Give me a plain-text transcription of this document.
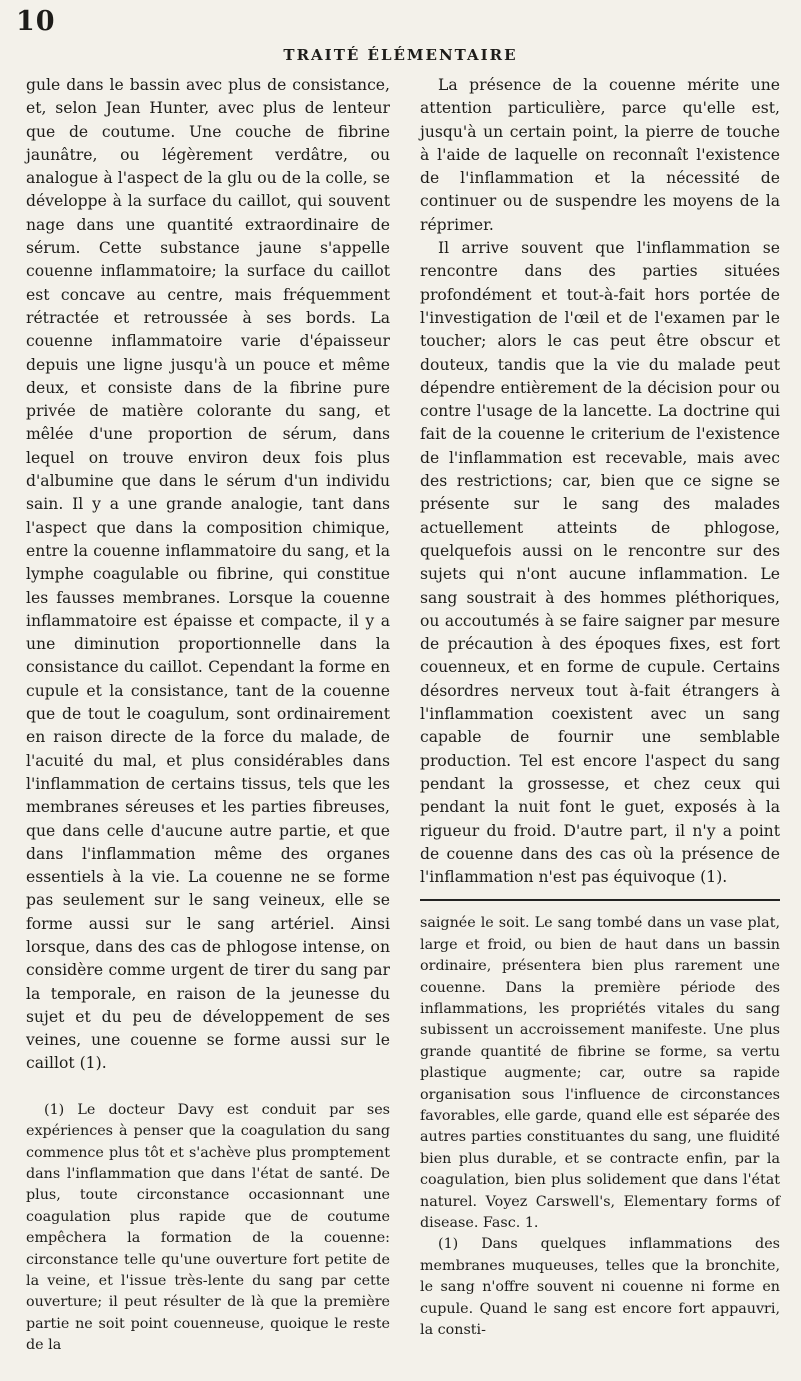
10
TRAITÉ ÉLÉMENTAIRE

gule dans le bassin avec plus de consistance, et, selon Jean Hunter, avec plus de lenteur que de coutume. Une couche de fibrine jaunâtre, ou légèrement verdâtre, ou analogue à l'aspect de la glu ou de la colle, se développe à la surface du caillot, qui souvent nage dans une quantité extraordinaire de sérum. Cette substance jaune s'appelle couenne inflammatoire; la surface du caillot est concave au centre, mais fréquemment rétractée et retroussée à ses bords. La couenne inflammatoire varie d'épaisseur depuis une ligne jusqu'à un pouce et même deux, et consiste dans de la fibrine pure privée de matière colorante du sang, et mêlée d'une proportion de sérum, dans lequel on trouve environ deux fois plus d'albumine que dans le sérum d'un individu sain. Il y a une grande analogie, tant dans l'aspect que dans la composition chimique, entre la couenne inflammatoire du sang, et la lymphe coagulable ou fibrine, qui constitue les fausses membranes. Lorsque la couenne inflammatoire est épaisse et compacte, il y a une diminution proportionnelle dans la consistance du caillot. Cependant la forme en cupule et la consistance, tant de la couenne que de tout le coagulum, sont ordinairement en raison directe de la force du malade, de l'acuité du mal, et plus considérables dans l'inflammation de certains tissus, tels que les membranes séreuses et les parties fibreuses, que dans celle d'aucune autre partie, et que dans l'inflammation même des organes essentiels à la vie. La couenne ne se forme pas seulement sur le sang veineux, elle se forme aussi sur le sang artériel. Ainsi lorsque, dans des cas de phlogose intense, on considère comme urgent de tirer du sang par la temporale, en raison de la jeunesse du sujet et du peu de développement de ses veines, une couenne se forme aussi sur le caillot (1).

(1) Le docteur Davy est conduit par ses expériences à penser que la coagulation du sang commence plus tôt et s'achève plus promptement dans l'inflammation que dans l'état de santé. De plus, toute circonstance occasionnant une coagulation plus rapide que de coutume empêchera la formation de la couenne: circonstance telle qu'une ouverture fort petite de la veine, et l'issue très-lente du sang par cette ouverture; il peut résulter de là que la première partie ne soit point couenneuse, quoique le reste de la

La présence de la couenne mérite une attention particulière, parce qu'elle est, jusqu'à un certain point, la pierre de touche à l'aide de laquelle on reconnaît l'existence de l'inflammation et la nécessité de continuer ou de suspendre les moyens de la réprimer.

Il arrive souvent que l'inflammation se rencontre dans des parties situées profondément et tout-à-fait hors portée de l'investigation de l'œil et de l'examen par le toucher; alors le cas peut être obscur et douteux, tandis que la vie du malade peut dépendre entièrement de la décision pour ou contre l'usage de la lancette. La doctrine qui fait de la couenne le criterium de l'existence de l'inflammation est recevable, mais avec des restrictions; car, bien que ce signe se présente sur le sang des malades actuellement atteints de phlogose, quelquefois aussi on le rencontre sur des sujets qui n'ont aucune inflammation. Le sang soustrait à des hommes pléthoriques, ou accoutumés à se faire saigner par mesure de précaution à des époques fixes, est fort couenneux, et en forme de cupule. Certains désordres nerveux tout à-fait étrangers à l'inflammation coexistent avec un sang capable de fournir une semblable production. Tel est encore l'aspect du sang pendant la grossesse, et chez ceux qui pendant la nuit font le guet, exposés à la rigueur du froid. D'autre part, il n'y a point de couenne dans des cas où la présence de l'inflammation n'est pas équivoque (1).

saignée le soit. Le sang tombé dans un vase plat, large et froid, ou bien de haut dans un bassin ordinaire, présentera bien plus rarement une couenne. Dans la première période des inflammations, les propriétés vitales du sang subissent un accroissement manifeste. Une plus grande quantité de fibrine se forme, sa vertu plastique augmente; car, outre sa rapide organisation sous l'influence de circonstances favorables, elle garde, quand elle est séparée des autres parties constituantes du sang, une fluidité bien plus durable, et se contracte enfin, par la coagulation, bien plus solidement que dans l'état naturel. Voyez Carswell's, Elementary forms of disease. Fasc. 1.

(1) Dans quelques inflammations des membranes muqueuses, telles que la bronchite, le sang n'offre souvent ni couenne ni forme en cupule. Quand le sang est encore fort appauvri, la consti-
